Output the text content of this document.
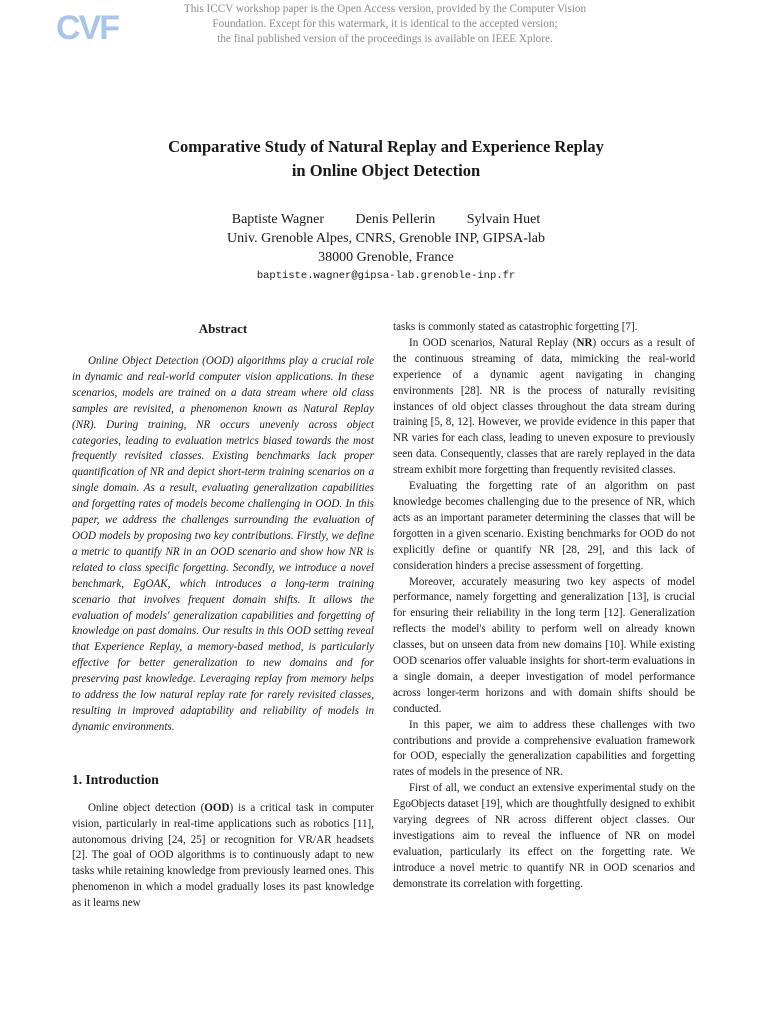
CVF	This ICCV workshop paper is the Open Access version, provided by the Computer Vision
Foundation. Except for this watermark, it is identical to the accepted version;
the final published version of the proceedings is available on IEEE Xplore.
Comparative Study of Natural Replay and Experience Replay
in Online Object Detection
Baptiste Wagner Denis Pellerin Sylvain Huet
Univ. Grenoble Alpes, CNRS, Grenoble INP, GIPSA-lab
38000 Grenoble, France
baptiste.wagner@gipsa-lab.grenoble-inp.fr
Abstract

Online Object Detection (OOD) algorithms play a crucial role in dynamic and real-world computer vision applications. In these scenarios, models are trained on a data stream where old class samples are revisited, a phenomenon known as Natural Replay (NR). During training, NR occurs unevenly across object categories, leading to evaluation metrics biased towards the most frequently revisited classes. Existing benchmarks lack proper quantification of NR and depict short-term training scenarios on a single domain. As a result, evaluating generalization capabilities and forgetting rates of models become challenging in OOD. In this paper, we address the challenges surrounding the evaluation of OOD models by proposing two key contributions. Firstly, we define a metric to quantify NR in an OOD scenario and show how NR is related to class specific forgetting. Secondly, we introduce a novel benchmark, EgOAK, which introduces a long-term training scenario that involves frequent domain shifts. It allows the evaluation of models' generalization capabilities and forgetting of knowledge on past domains. Our results in this OOD setting reveal that Experience Replay, a memory-based method, is particularly effective for better generalization to new domains and for preserving past knowledge. Leveraging replay from memory helps to address the low natural replay rate for rarely revisited classes, resulting in improved adaptability and reliability of models in dynamic environments.

1. Introduction

Online object detection (OOD) is a critical task in computer vision, particularly in real-time applications such as robotics [11], autonomous driving [24, 25] or recognition for VR/AR headsets [2]. The goal of OOD algorithms is to continuously adapt to new tasks while retaining knowledge from previously learned ones. This phenomenon in which a model gradually loses its past knowledge as it learns new

tasks is commonly stated as catastrophic forgetting [7].

In OOD scenarios, Natural Replay (NR) occurs as a result of the continuous streaming of data, mimicking the real-world experience of a dynamic agent navigating in changing environments [28]. NR is the process of naturally revisiting instances of old object classes throughout the data stream during training [5, 8, 12]. However, we provide evidence in this paper that NR varies for each class, leading to uneven exposure to previously seen data. Consequently, classes that are rarely replayed in the data stream exhibit more forgetting than frequently revisited classes.

Evaluating the forgetting rate of an algorithm on past knowledge becomes challenging due to the presence of NR, which acts as an important parameter determining the classes that will be forgotten in a given scenario. Existing benchmarks for OOD do not explicitly define or quantify NR [28, 29], and this lack of consideration hinders a precise assessment of forgetting.

Moreover, accurately measuring two key aspects of model performance, namely forgetting and generalization [13], is crucial for ensuring their reliability in the long term [12]. Generalization reflects the model's ability to perform well on already known classes, but on unseen data from new domains [10]. While existing OOD scenarios offer valuable insights for short-term evaluations in a single domain, a deeper investigation of model performance across longer-term horizons and with domain shifts should be conducted.

In this paper, we aim to address these challenges with two contributions and provide a comprehensive evaluation framework for OOD, especially the generalization capabilities and forgetting rates of models in the presence of NR.

First of all, we conduct an extensive experimental study on the EgoObjects dataset [19], which are thoughtfully designed to exhibit varying degrees of NR across different object classes. Our investigations aim to reveal the influence of NR on model evaluation, particularly its effect on the forgetting rate. We introduce a novel metric to quantify NR in OOD scenarios and demonstrate its correlation with forgetting.
